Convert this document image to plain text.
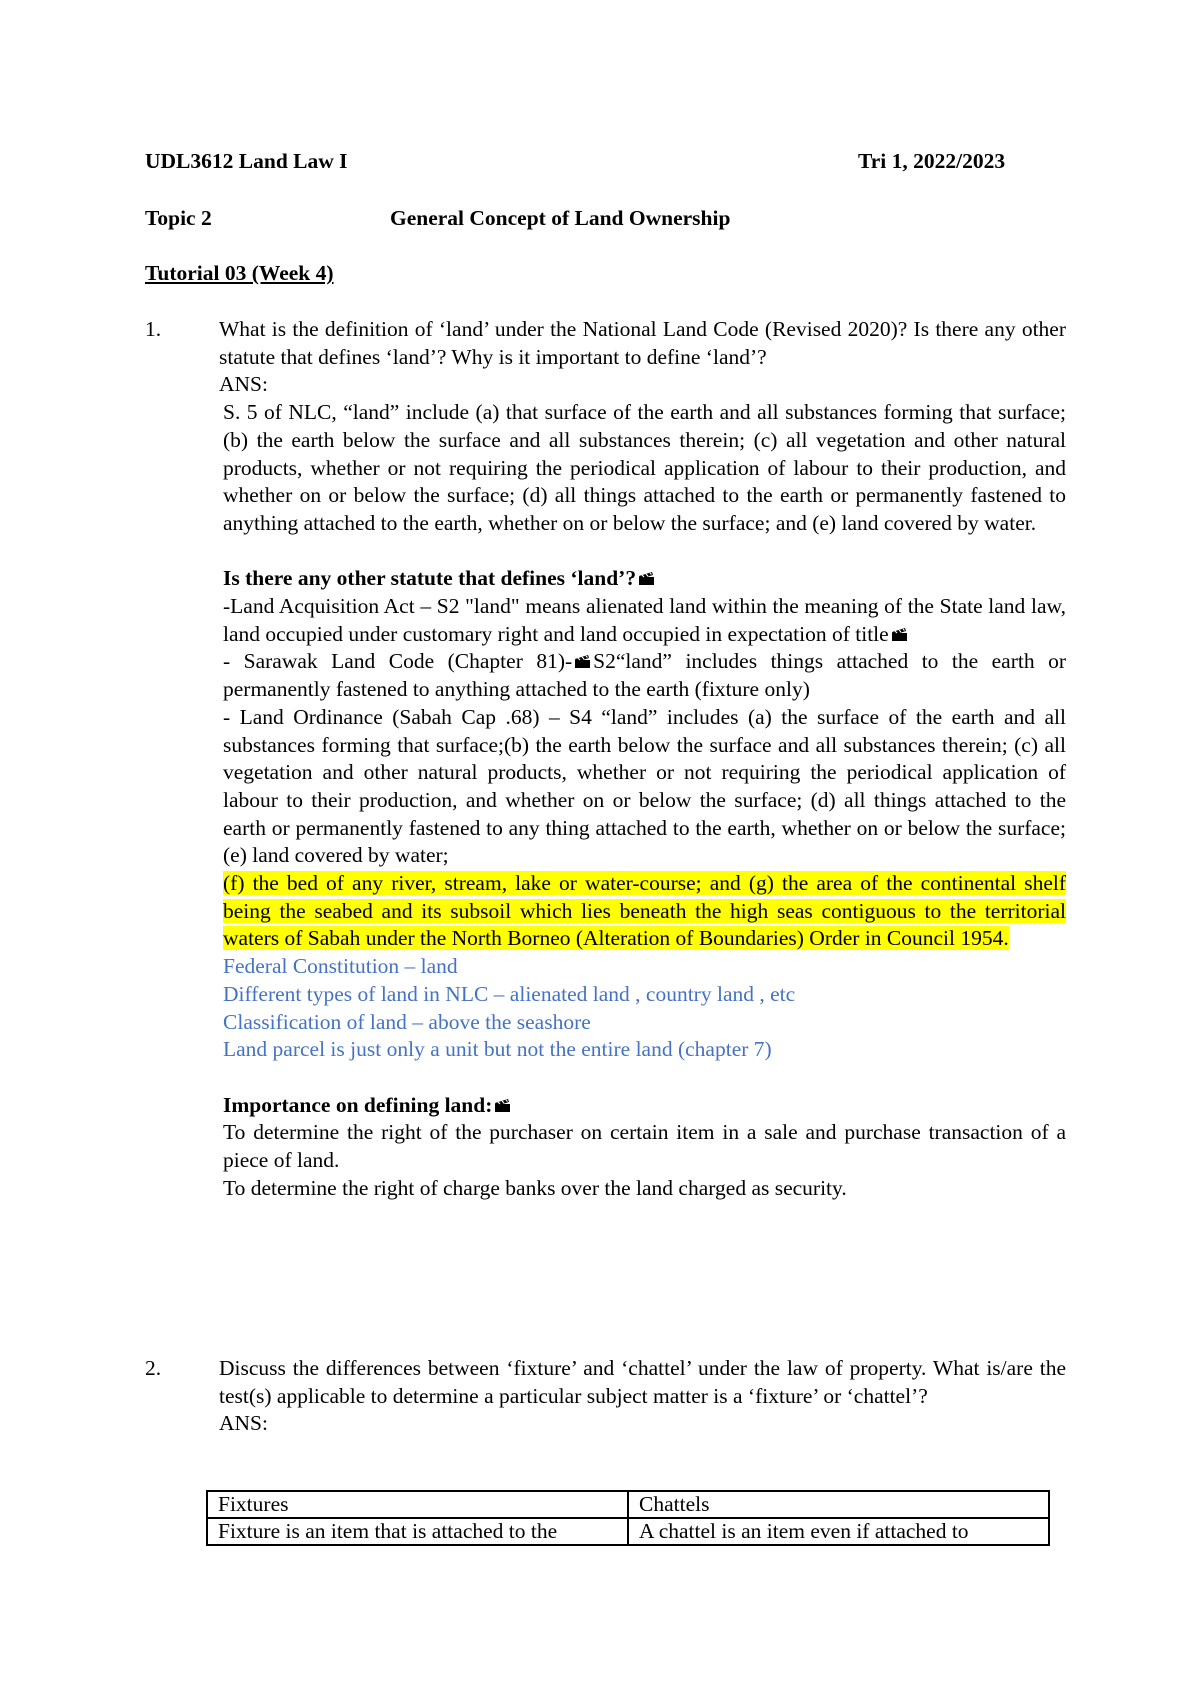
UDL3612 Land Law I	Tri 1, 2022/2023
Topic 2	General Concept of Land Ownership
Tutorial 03 (Week 4)
1.	What is the definition of ‘land’ under the National Land Code (Revised 2020)? Is there any other statute that defines ‘land’? Why is it important to define ‘land’?

ANS:

S. 5 of NLC, “land” include (a) that surface of the earth and all substances forming that surface; (b) the earth below the surface and all substances therein; (c) all vegetation and other natural products, whether or not requiring the periodical application of labour to their production, and whether on or below the surface; (d) all things attached to the earth or permanently fastened to anything attached to the earth, whether on or below the surface; and (e) land covered by water.

Is there any other statute that defines ‘land’?

-Land Acquisition Act – S2 "land" means alienated land within the meaning of the State land law, land occupied under customary right and land occupied in expectation of title

- Sarawak Land Code (Chapter 81)- S2“land” includes things attached to the earth or permanently fastened to anything attached to the earth (fixture only)

- Land Ordinance (Sabah Cap .68) – S4 “land” includes (a) the surface of the earth and all substances forming that surface;(b) the earth below the surface and all substances therein; (c) all vegetation and other natural products, whether or not requiring the periodical application of labour to their production, and whether on or below the surface; (d) all things attached to the earth or permanently fastened to any thing attached to the earth, whether on or below the surface; (e) land covered by water;

(f) the bed of any river, stream, lake or water-course; and (g) the area of the continental shelf being the seabed and its subsoil which lies beneath the high seas contiguous to the territorial waters of Sabah under the North Borneo (Alteration of Boundaries) Order in Council 1954.

Federal Constitution – land

Different types of land in NLC – alienated land , country land , etc

Classification of land – above the seashore

Land parcel is just only a unit but not the entire land (chapter 7)

Importance on defining land:

To determine the right of the purchaser on certain item in a sale and purchase transaction of a piece of land.

To determine the right of charge banks over the land charged as security.

2.	Discuss the differences between ‘fixture’ and ‘chattel’ under the law of property. What is/are the test(s) applicable to determine a particular subject matter is a ‘fixture’ or ‘chattel’?

ANS:

Fixtures	Chattels
Fixture is an item that is attached to the	A chattel is an item even if attached to
